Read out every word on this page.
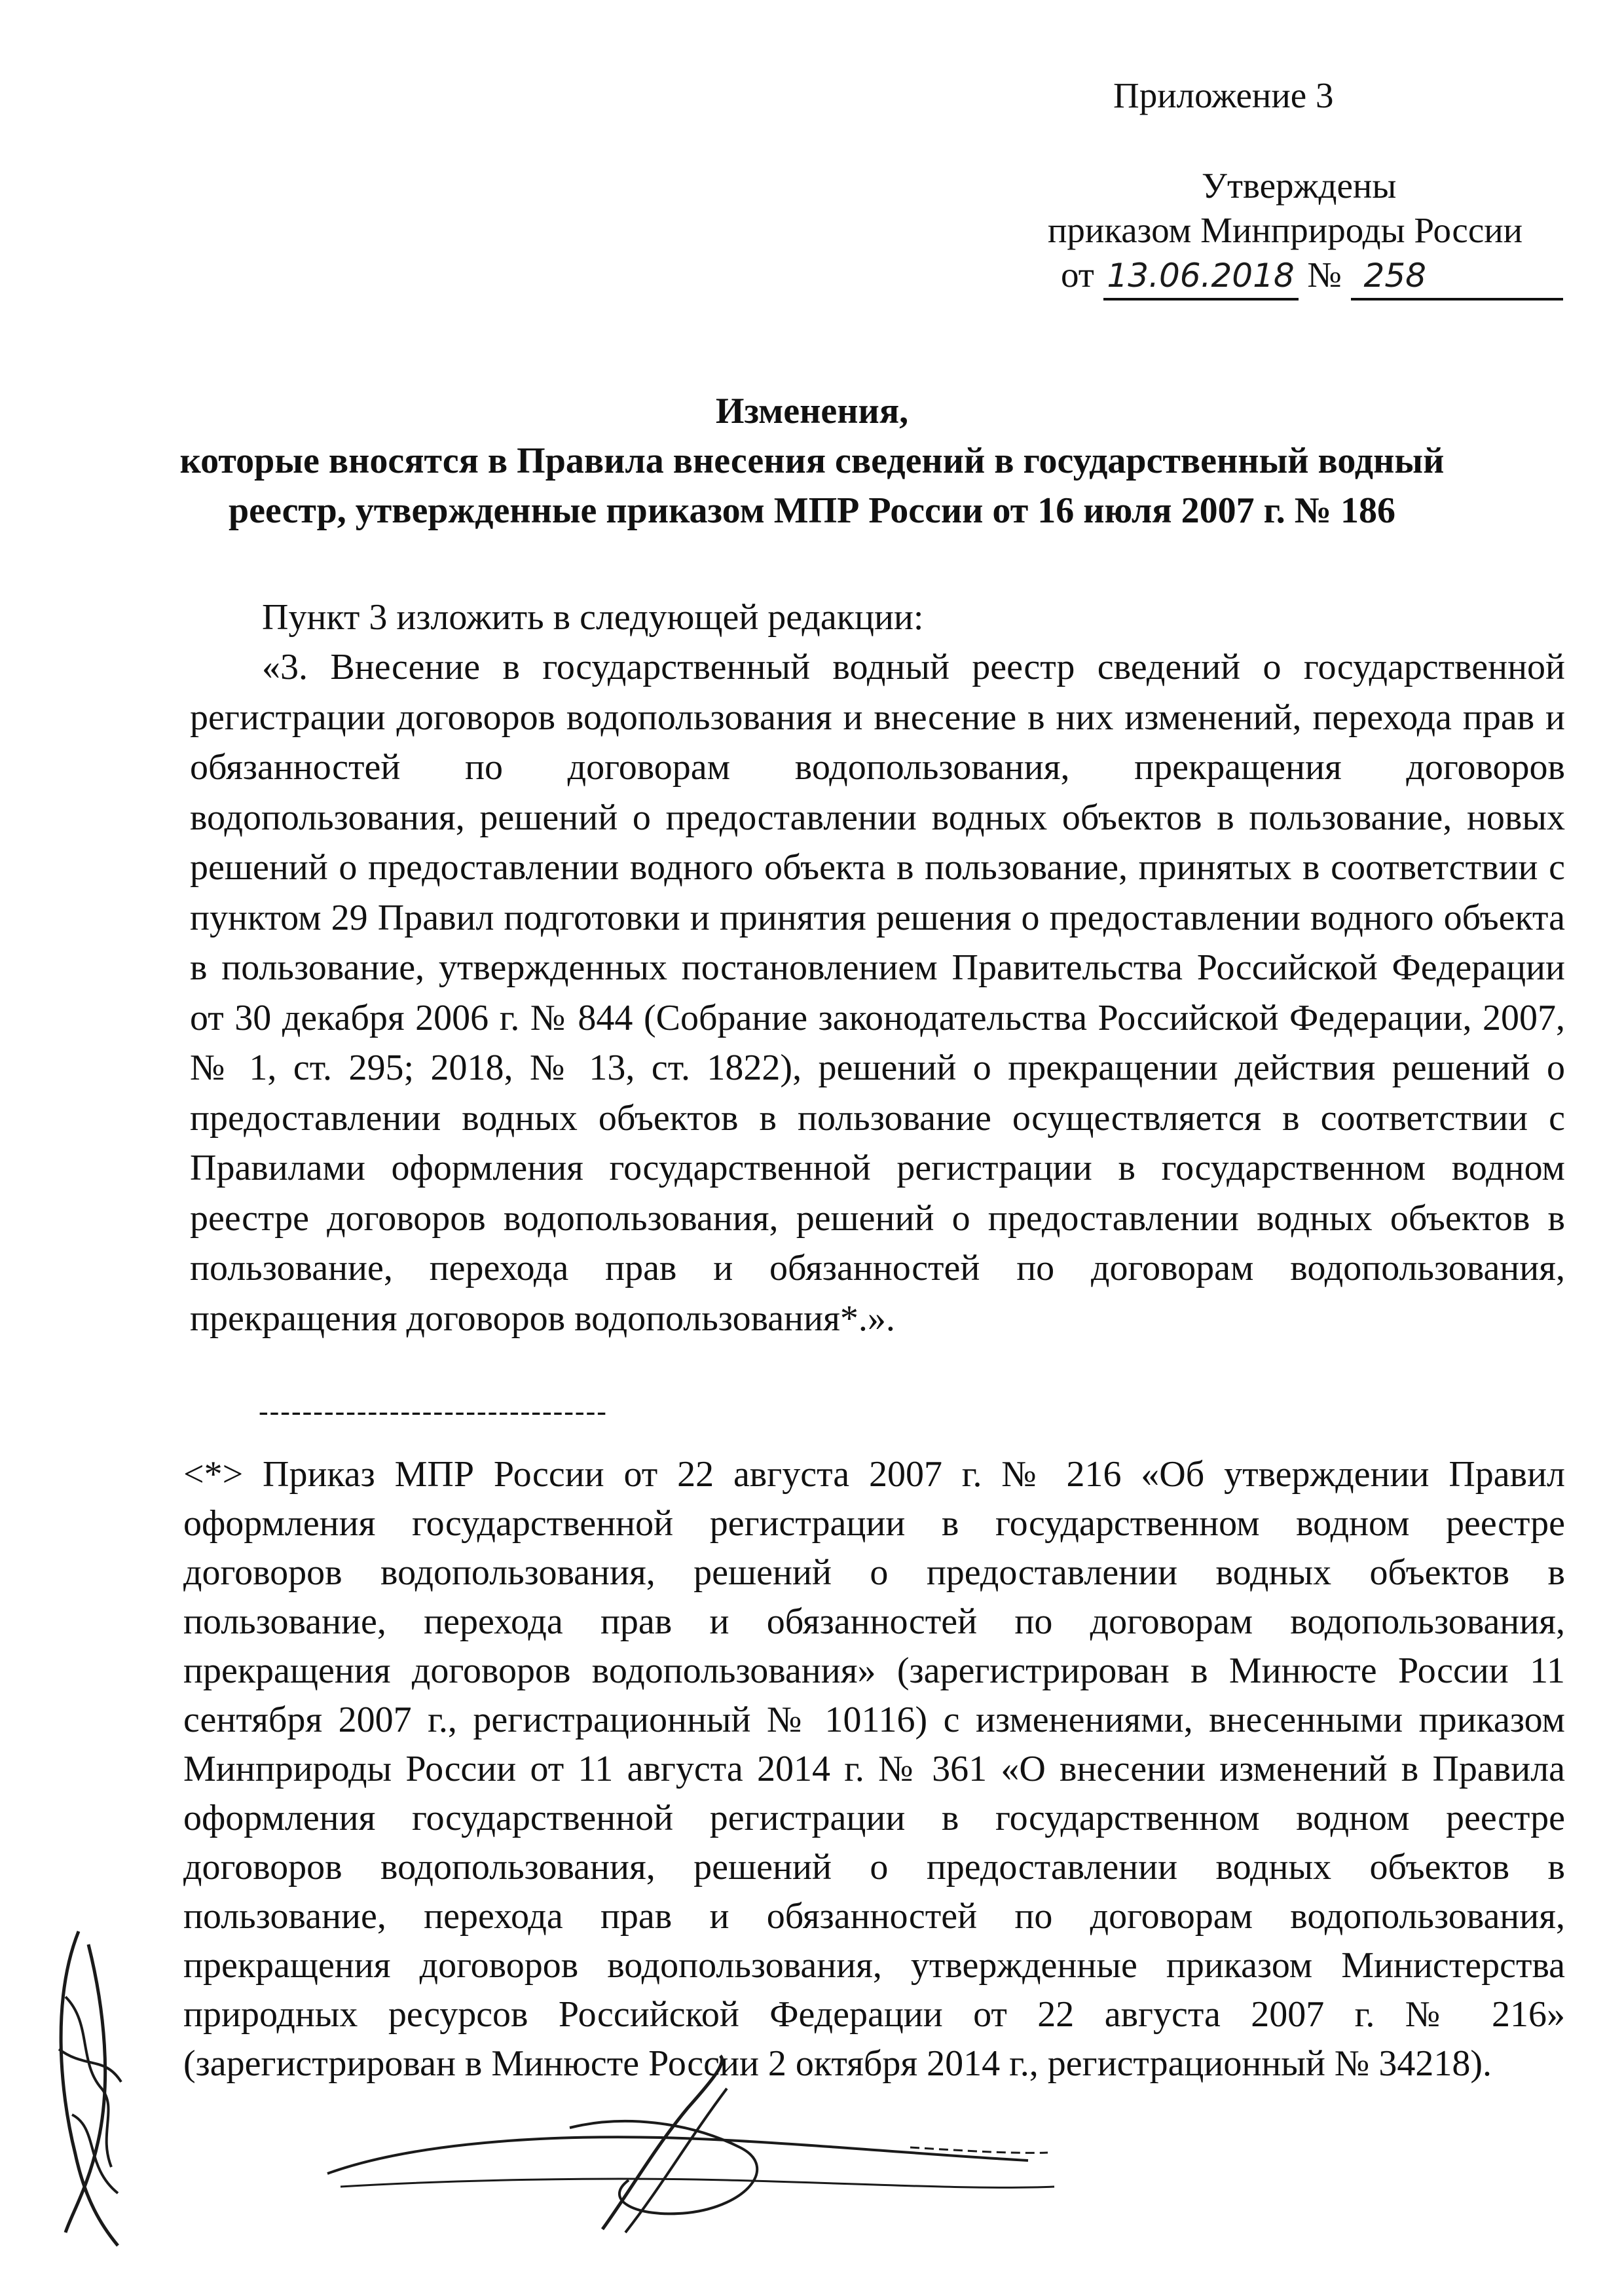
Приложение 3
Утверждены
приказом Минприроды России
от 13.06.2018 № 258
Изменения,
которые вносятся в Правила внесения сведений в государственный водный реестр, утвержденные приказом МПР России от 16 июля 2007 г. № 186
Пункт 3 изложить в следующей редакции:
«3. Внесение в государственный водный реестр сведений о государственной регистрации договоров водопользования и внесение в них изменений, перехода прав и обязанностей по договорам водопользования, прекращения договоров водопользования, решений о предоставлении водных объектов в пользование, новых решений о предоставлении водного объекта в пользование, принятых в соответствии с пунктом 29 Правил подготовки и принятия решения о предоставлении водного объекта в пользование, утвержденных постановлением Правительства Российской Федерации от 30 декабря 2006 г. № 844 (Собрание законодательства Российской Федерации, 2007, № 1, ст. 295; 2018, № 13, ст. 1822), решений о прекращении действия решений о предоставлении водных объектов в пользование осуществляется в соответствии с Правилами оформления государственной регистрации в государственном водном реестре договоров водопользования, решений о предоставлении водных объектов в пользование, перехода прав и обязанностей по договорам водопользования, прекращения договоров водопользования*.».
--------------------------------
<*> Приказ МПР России от 22 августа 2007 г. № 216 «Об утверждении Правил оформления государственной регистрации в государственном водном реестре договоров водопользования, решений о предоставлении водных объектов в пользование, перехода прав и обязанностей по договорам водопользования, прекращения договоров водопользования» (зарегистрирован в Минюсте России 11 сентября 2007 г., регистрационный № 10116) с изменениями, внесенными приказом Минприроды России от 11 августа 2014 г. № 361 «О внесении изменений в Правила оформления государственной регистрации в государственном водном реестре договоров водопользования, решений о предоставлении водных объектов в пользование, перехода прав и обязанностей по договорам водопользования, прекращения договоров водопользования, утвержденные приказом Министерства природных ресурсов Российской Федерации от 22 августа 2007 г. № 216» (зарегистрирован в Минюсте России 2 октября 2014 г., регистрационный № 34218).
